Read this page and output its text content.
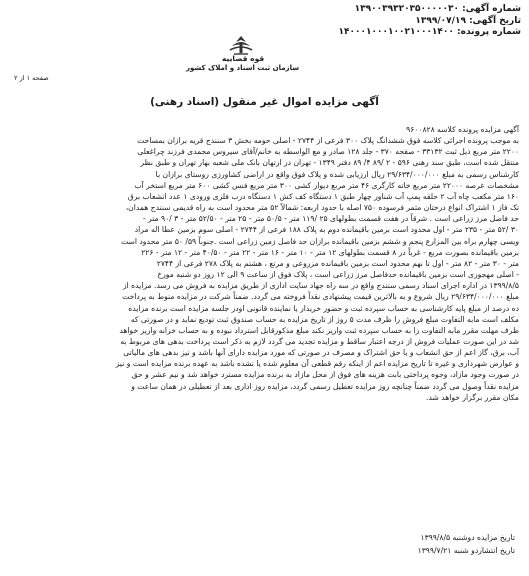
شماره آگهی: ۱۳۹۰۰۳۹۳۲۰۳۵۰۰۰۰۰۳۰
تاریخ آگهی: ۱۳۹۹/۰۷/۱۹
شماره پرونده: ۱۴۰۰۰۱۰۰۰۱۰۰۲۱۰۰۰۱۴۰۰
قوه قضاییه
سازمان ثبت اسناد و املاک کشور
صفحه ۱ از ۲
آگهی مزایده اموال غیر منقول (اسناد رهنی)

آگهی مزایده پرونده کلاسه ۹۶۰۰۸۲۸

به موجب پرونده اجرائی کلاسه فوق ششدانگ پلاک ۳۰۰ فرعی از ۲۷۴۴ - اصلی حومه بخش ۳ سنندج قریه برازان بمساحت

۲۲۰۰ متر مربع ذیل ثبت ۳۳۱۳۲ - صفحه ۳۷۰ - جلد ۱۲۸ صادر و مع الواسطه به خانم/آقای سیروس محمدی فرزند چراغعلی

منتقل شده است، طبق سند رهنی ۵۹۶ - ۲ /۸۹ ۴/ ۸۹ دفتر ۱۳۴۹ - تهران در ارتهان بانک ملی شعبه بهار تهران و طبق نظر

کارشناس رسمی به مبلغ ۲۹/۶۳۴/۰۰۰/۰۰۰ ریال ارزیابی شده و پلاک فوق واقع در اراضی کشاورزی روستای برازان با

مشخصات عرصه ۲۲۰۰۰ متر مربع خانه کارگری ۴۶ متر مربع دیوار کشی ۳۰۰ متر مربع فنس کشی ۶۰۰ متر مربع استخر آب

۱۶۰ متر مکعب چاه آب ۲ حلقه پمپ آب شناور چهار طبق ۱ دستگاه کف کش ۱ دستگاه درب فلزی ورودی ۱ عدد انشعاب برق

تک فاز ۱ اشتراک انواع درختان مثمر فرسوده ۷۵۰ اصله با حدود اربعه: شمالاً ۵۲ متر محدود است به راه قدیمی سنندج همدان،

حد فاصل مرز زراعی است . شرقاً در هفت قسمت بطولهای ۲۵ /۱۱۹ متر - ۵۰/۵ متر - ۲۵ متر - ۵۲/۵۰ متر - ۳ /۹۰ متر -

۳۰ /۵۲ متر - ۲۳۵ متر - اول محدود است برمین باقیمانده دوم به پلاک ۱۸۸ فرعی از ۲۷۴۴ - اصلی سوم بزمین عطا اله مراد

ویسی چهارم براه بین المزارع پنجم و ششم بزمین باقیمانده برازان حد فاصل زمین زراعی است .جنوباً ۵۹/ ۵۰ متر محدود است

بزمین باقیمانده بصورت مربع - غرباً در ۸ قسمت بطولهای ۱۲ متر - ۱۰ متر - ۱۶ متر - ۲۲ متر - ۴۰/۵۰ متر - ۱۲ متر - ۲۲۶

متر - ۳۰ متر - ۸۲ متر - اول تا نهم محدود است بزمین باقیمانده مزروعی و مرتع ، هشتم به پلاک ۲۷۸ فرعی از ۲۷۴۴

- اصلی مهجوری است بزمین باقیمانده حدفاصل مرز زراعی است ، پلاک فوق از ساعت ۹ الی ۱۲ روز دو شنبه مورخ

۱۳۹۹/۸/۵ در اداره اجرای اسناد رسمی سنندج واقع در سه راه جهاد سایت اداری از طریق مزایده به فروش می رسد. مزایده از

مبلغ ۲۹/۶۳۴/۰۰۰/۰۰۰ ریال شروع و به بالاترین قیمت پیشنهادی نقداً فروخته می گردد. ضمناً شرکت در مزایده منوط به پرداخت

ده درصد از مبلغ پایه کارشناسی به حساب سپرده ثبت و حضور خریدار یا نماینده قانونی اودر جلسه مزایده است برنده مزایده

مکلف است مابه التفاوت مبلغ فروش را ظرف مدت ۵ روز از تاریخ مزایده به حساب صندوق ثبت تودیع نماید و در صورتی که

ظرف مهلت مقرر مابه التفاوت را به حساب سپرده ثبت واریز نکند مبلغ مذکورقابل استرداد نبوده و به حساب خزانه واریز خواهد

شد در این صورت عملیات فروش از درجه اعتبار ساقط و مزایده تجدید می گردد لازم به ذکر است پرداخت بدهی های مربوط به

آب، برق، گاز اعم از حق انشعاب و یا حق اشتراک و مصرف در صورتی که مورد مزایده دارای آنها باشد و نیز بدهی های مالیاتی

و عوارض شهرداری و غیره تا تاریخ مزایده اعم از اینکه رقم قطعی آن معلوم شده یا نشده باشد به عهده برنده مزایده است و نیز

در صورت وجود مازاد، وجوه پرداختی بابت هزینه های فوق از محل مازاد به برنده مزایده مسترد خواهد شد و نیم عشر و حق

مزایده نقداً وصول می گردد ضمناً چنانچه روز مزایده تعطیل رسمی گردد، مزایده روز اداری بعد از تعطیلی در همان ساعت و

مکان مقرر برگزار خواهد شد.

تاریخ مزایده دوشنبه ۱۳۹۹/۸/۵
تاریخ انتشاردو شنبه ۱۳۹۹/۷/۲۱
